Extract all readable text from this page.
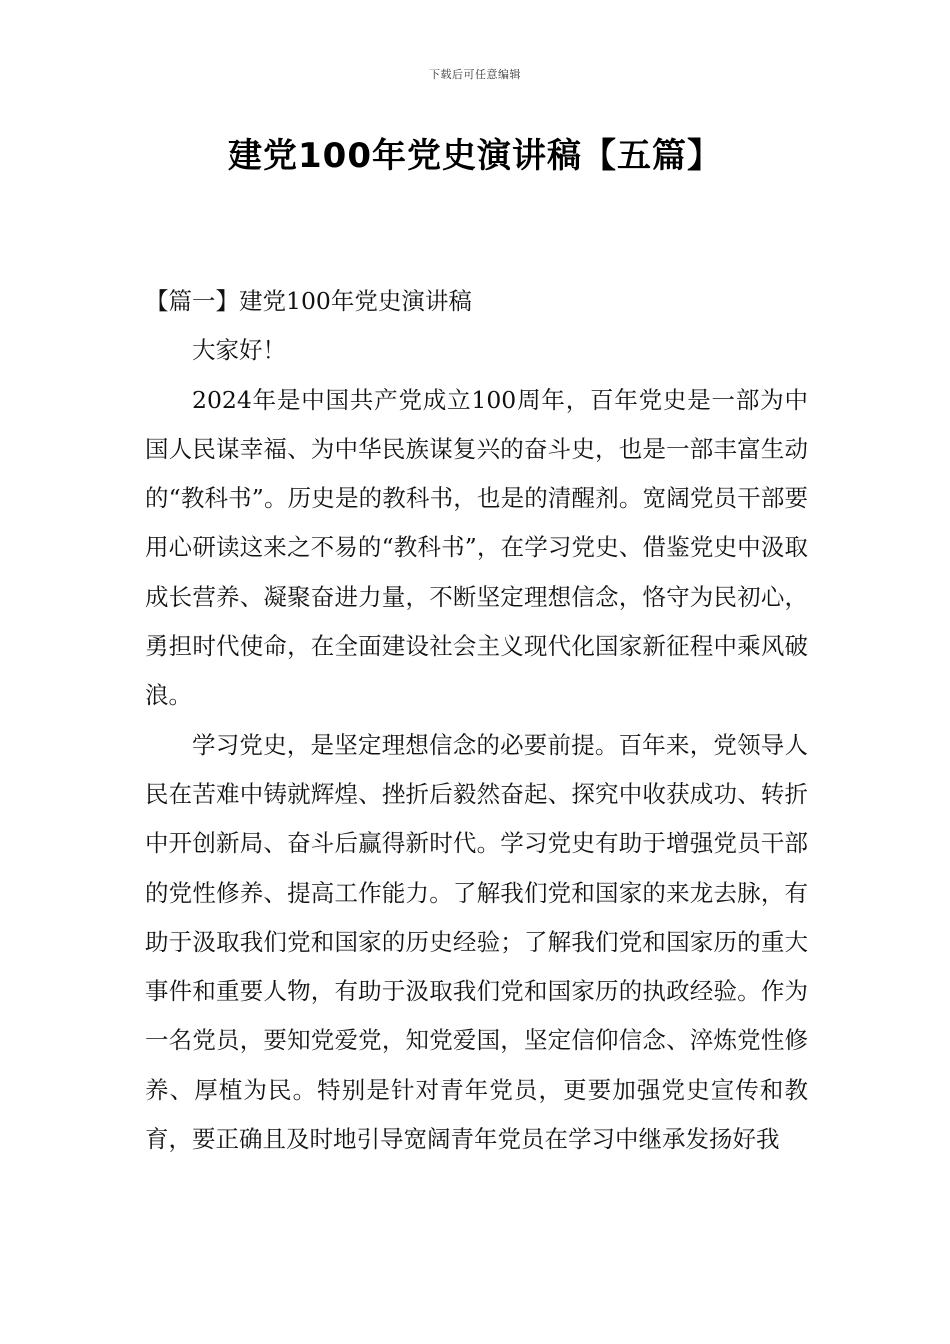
下载后可任意编辑
建党100年党史演讲稿【五篇】

【篇一】建党100年党史演讲稿

大家好！

2024年是中国共产党成立100周年，百年党史是一部为中国人民谋幸福、为中华民族谋复兴的奋斗史，也是一部丰富生动的“教科书”。历史是的教科书，也是的清醒剂。宽阔党员干部要用心研读这来之不易的“教科书”，在学习党史、借鉴党史中汲取成长营养、凝聚奋进力量，不断坚定理想信念，恪守为民初心，勇担时代使命，在全面建设社会主义现代化国家新征程中乘风破浪。

学习党史，是坚定理想信念的必要前提。百年来，党领导人民在苦难中铸就辉煌、挫折后毅然奋起、探究中收获成功、转折中开创新局、奋斗后赢得新时代。学习党史有助于增强党员干部的党性修养、提高工作能力。了解我们党和国家的来龙去脉，有助于汲取我们党和国家的历史经验；了解我们党和国家历的重大事件和重要人物，有助于汲取我们党和国家历的执政经验。作为一名党员，要知党爱党，知党爱国，坚定信仰信念、淬炼党性修养、厚植为民。特别是针对青年党员，更要加强党史宣传和教育，要正确且及时地引导宽阔青年党员在学习中继承发扬好我
